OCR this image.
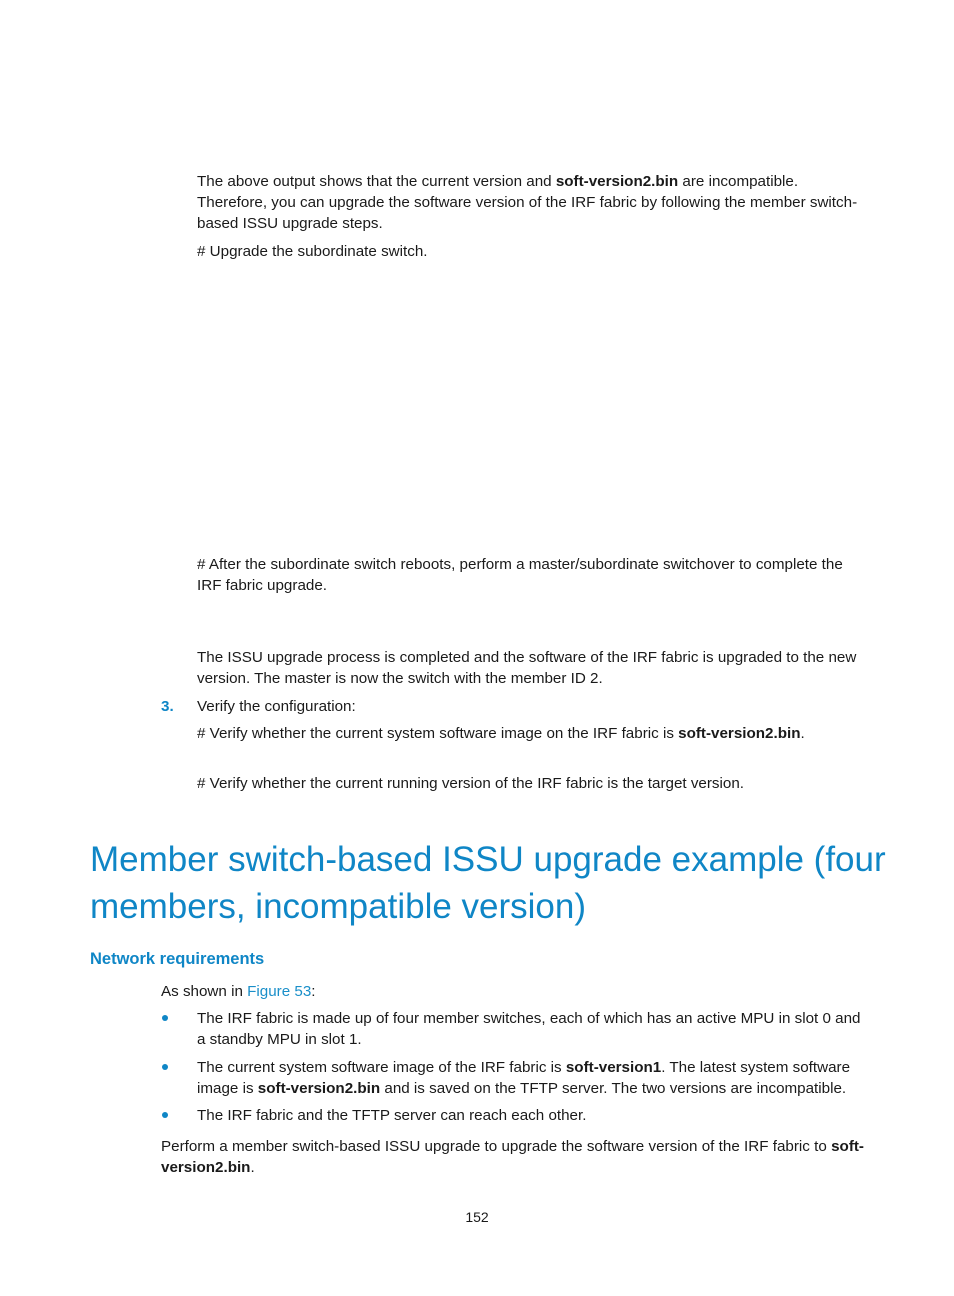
The above output shows that the current version and soft-version2.bin are incompatible. Therefore, you can upgrade the software version of the IRF fabric by following the member switch-based ISSU upgrade steps.

# Upgrade the subordinate switch.

# After the subordinate switch reboots, perform a master/subordinate switchover to complete the IRF fabric upgrade.

The ISSU upgrade process is completed and the software of the IRF fabric is upgraded to the new version. The master is now the switch with the member ID 2.

3. Verify the configuration:

# Verify whether the current system software image on the IRF fabric is soft-version2.bin.

# Verify whether the current running version of the IRF fabric is the target version.

Member switch-based ISSU upgrade example (four members, incompatible version)
Network requirements

As shown in Figure 53:

The IRF fabric is made up of four member switches, each of which has an active MPU in slot 0 and a standby MPU in slot 1.

The current system software image of the IRF fabric is soft-version1. The latest system software image is soft-version2.bin and is saved on the TFTP server. The two versions are incompatible.

The IRF fabric and the TFTP server can reach each other.

Perform a member switch-based ISSU upgrade to upgrade the software version of the IRF fabric to soft-version2.bin.

152
